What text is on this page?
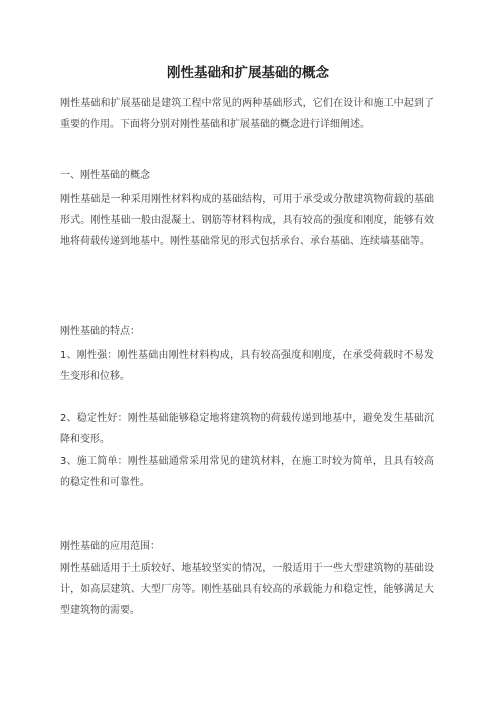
刚性基础和扩展基础的概念

刚性基础和扩展基础是建筑工程中常见的两种基础形式，它们在设计和施工中起到了重要的作用。下面将分别对刚性基础和扩展基础的概念进行详细阐述。

一、刚性基础的概念

刚性基础是一种采用刚性材料构成的基础结构，可用于承受或分散建筑物荷载的基础形式。刚性基础一般由混凝土、钢筋等材料构成，具有较高的强度和刚度，能够有效地将荷载传递到地基中。刚性基础常见的形式包括承台、承台基础、连续墙基础等。

刚性基础的特点：

1、刚性强：刚性基础由刚性材料构成，具有较高强度和刚度，在承受荷载时不易发生变形和位移。

2、稳定性好：刚性基础能够稳定地将建筑物的荷载传递到地基中，避免发生基础沉降和变形。

3、施工简单：刚性基础通常采用常见的建筑材料，在施工时较为简单，且具有较高的稳定性和可靠性。

刚性基础的应用范围：

刚性基础适用于土质较好、地基较坚实的情况，一般适用于一些大型建筑物的基础设计，如高层建筑、大型厂房等。刚性基础具有较高的承载能力和稳定性，能够满足大型建筑物的需要。
